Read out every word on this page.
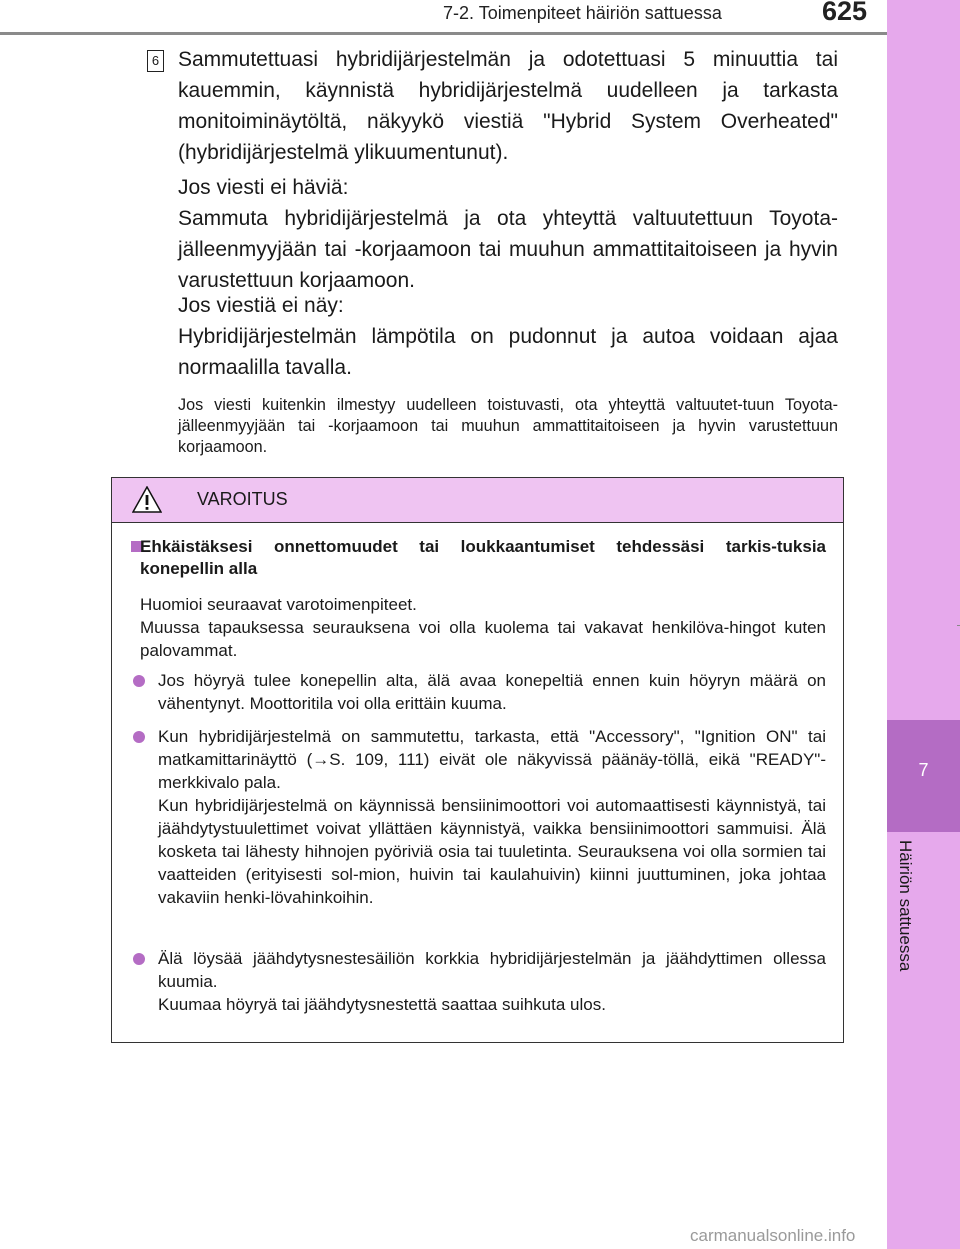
7
Häiriön sattuessa
7-2. Toimenpiteet häiriön sattuessa	625
6 Sammutettuasi hybridijärjestelmän ja odotettuasi 5 minuuttia tai kauemmin, käynnistä hybridijärjestelmä uudelleen ja tarkasta monitoiminäytöltä, näkyykö viestiä "Hybrid System Overheated" (hybridijärjestelmä ylikuumentunut).

Jos viesti ei häviä:

Sammuta hybridijärjestelmä ja ota yhteyttä valtuutettuun Toyota-jälleenmyyjään tai -korjaamoon tai muuhun ammattitaitoiseen ja hyvin varustettuun korjaamoon.

Jos viestiä ei näy:

Hybridijärjestelmän lämpötila on pudonnut ja autoa voidaan ajaa normaalilla tavalla.

Jos viesti kuitenkin ilmestyy uudelleen toistuvasti, ota yhteyttä valtuutet-tuun Toyota-jälleenmyyjään tai -korjaamoon tai muuhun ammattitaitoiseen ja hyvin varustettuun korjaamoon.

VAROITUS

Ehkäistäksesi onnettomuudet tai loukkaantumiset tehdessäsi tarkis-tuksia konepellin alla

Huomioi seuraavat varotoimenpiteet.
Muussa tapauksessa seurauksena voi olla kuolema tai vakavat henkilöva-hingot kuten palovammat.

Jos höyryä tulee konepellin alta, älä avaa konepeltiä ennen kuin höyryn määrä on vähentynyt. Moottoritila voi olla erittäin kuuma.

Kun hybridijärjestelmä on sammutettu, tarkasta, että "Accessory", "Ignition ON" tai matkamittarinäyttö (→S. 109, 111) eivät ole näkyvissä päänäy-töllä, eikä "READY"-merkkivalo pala.
Kun hybridijärjestelmä on käynnissä bensiinimoottori voi automaattisesti käynnistyä, tai jäähdytystuulettimet voivat yllättäen käynnistyä, vaikka bensiinimoottori sammuisi. Älä kosketa tai lähesty hihnojen pyöriviä osia tai tuuletinta. Seurauksena voi olla sormien tai vaatteiden (erityisesti sol-mion, huivin tai kaulahuivin) kiinni juuttuminen, joka johtaa vakaviin henki-lövahinkoihin.

Älä löysää jäähdytysnestesäiliön korkkia hybridijärjestelmän ja jäähdyttimen ollessa kuumia.
Kuumaa höyryä tai jäähdytysnestettä saattaa suihkuta ulos.

carmanualsonline.info
